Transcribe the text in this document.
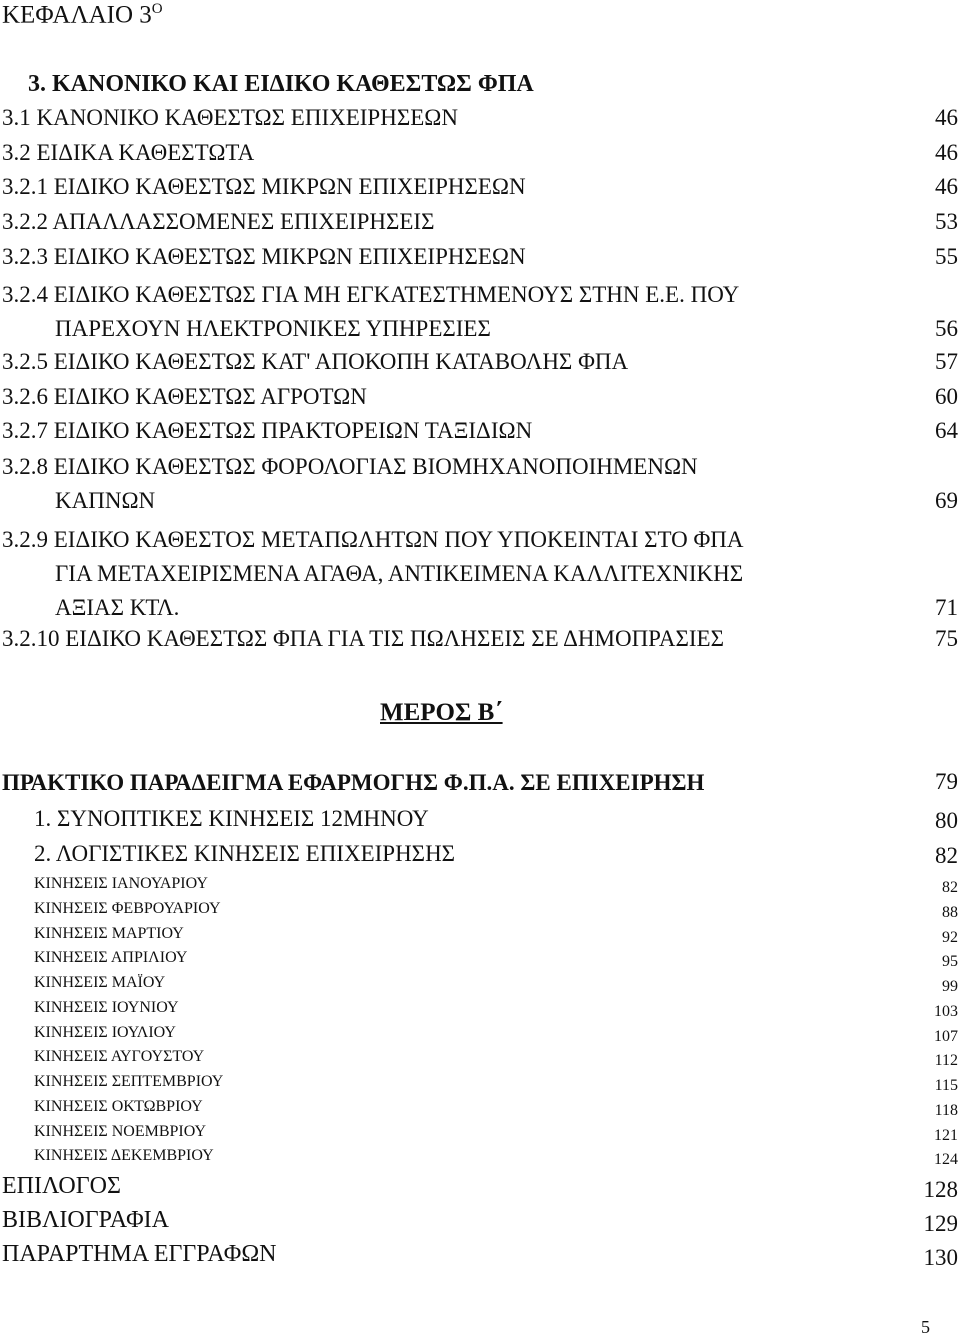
ΚΕΦΑΛΑΙΟ $3^O$
3. ΚΑΝΟΝΙΚΟ ΚΑΙ ΕΙΔΙΚΟ ΚΑΘΕΣΤΩΣ ΦΠΑ
3.1 ΚΑΝΟΝΙΚΟ ΚΑΘΕΣΤΩΣ ΕΠΙΧΕΙΡΗΣΕΩΝ	46
3.2 ΕΙΔΙΚΑ ΚΑΘΕΣΤΩΤΑ	46
3.2.1 ΕΙΔΙΚΟ ΚΑΘΕΣΤΩΣ ΜΙΚΡΩΝ ΕΠΙΧΕΙΡΗΣΕΩΝ	46
3.2.2 ΑΠΑΛΛΑΣΣΟΜΕΝΕΣ ΕΠΙΧΕΙΡΗΣΕΙΣ	53
3.2.3 ΕΙΔΙΚΟ ΚΑΘΕΣΤΩΣ ΜΙΚΡΩΝ ΕΠΙΧΕΙΡΗΣΕΩΝ	55
3.2.4 ΕΙΔΙΚΟ ΚΑΘΕΣΤΩΣ ΓΙΑ ΜΗ ΕΓΚΑΤΕΣΤΗΜΕΝΟΥΣ ΣΤΗΝ Ε.Ε. ΠΟΥ
ΠΑΡΕΧΟΥΝ ΗΛΕΚΤΡΟΝΙΚΕΣ ΥΠΗΡΕΣΙΕΣ	56
3.2.5 ΕΙΔΙΚΟ ΚΑΘΕΣΤΩΣ ΚΑΤ' ΑΠΟΚΟΠΗ ΚΑΤΑΒΟΛΗΣ ΦΠΑ	57
3.2.6 ΕΙΔΙΚΟ ΚΑΘΕΣΤΩΣ ΑΓΡΟΤΩΝ	60
3.2.7 ΕΙΔΙΚΟ ΚΑΘΕΣΤΩΣ ΠΡΑΚΤΟΡΕΙΩΝ ΤΑΞΙΔΙΩΝ	64
3.2.8 ΕΙΔΙΚΟ ΚΑΘΕΣΤΩΣ ΦΟΡΟΛΟΓΙΑΣ ΒΙΟΜΗΧΑΝΟΠΟΙΗΜΕΝΩΝ
ΚΑΠΝΩΝ	69
3.2.9 ΕΙΔΙΚΟ ΚΑΘΕΣΤΟΣ ΜΕΤΑΠΩΛΗΤΩΝ ΠΟΥ ΥΠΟΚΕΙΝΤΑΙ ΣΤΟ ΦΠΑ
ΓΙΑ ΜΕΤΑΧΕΙΡΙΣΜΕΝΑ ΑΓΑΘΑ, ΑΝΤΙΚΕΙΜΕΝΑ ΚΑΛΛΙΤΕΧΝΙΚΗΣ
ΑΞΙΑΣ ΚΤΛ.	71
3.2.10 ΕΙΔΙΚΟ ΚΑΘΕΣΤΩΣ ΦΠΑ ΓΙΑ ΤΙΣ ΠΩΛΗΣΕΙΣ ΣΕ ΔΗΜΟΠΡΑΣΙΕΣ	75
ΜΕΡΟΣ Β΄
ΠΡΑΚΤΙΚΟ ΠΑΡΑΔΕΙΓΜΑ ΕΦΑΡΜΟΓΗΣ Φ.Π.Α. ΣΕ ΕΠΙΧΕΙΡΗΣΗ	79
1. ΣΥΝΟΠΤΙΚΕΣ ΚΙΝΗΣΕΙΣ 12ΜΗΝΟΥ	80
2. ΛΟΓΙΣΤΙΚΕΣ ΚΙΝΗΣΕΙΣ ΕΠΙΧΕΙΡΗΣΗΣ	82
ΚΙΝΗΣΕΙΣ ΙΑΝΟΥΑΡΙΟΥ	82
ΚΙΝΗΣΕΙΣ ΦΕΒΡΟΥΑΡΙΟΥ	88
ΚΙΝΗΣΕΙΣ ΜΑΡΤΙΟΥ	92
ΚΙΝΗΣΕΙΣ ΑΠΡΙΛΙΟΥ	95
ΚΙΝΗΣΕΙΣ ΜΑΪΟΥ	99
ΚΙΝΗΣΕΙΣ ΙΟΥΝΙΟΥ	103
ΚΙΝΗΣΕΙΣ ΙΟΥΛΙΟΥ	107
ΚΙΝΗΣΕΙΣ ΑΥΓΟΥΣΤΟΥ	112
ΚΙΝΗΣΕΙΣ ΣΕΠΤΕΜΒΡΙΟΥ	115
ΚΙΝΗΣΕΙΣ ΟΚΤΩΒΡΙΟΥ	118
ΚΙΝΗΣΕΙΣ ΝΟΕΜΒΡΙΟΥ	121
ΚΙΝΗΣΕΙΣ ΔΕΚΕΜΒΡΙΟΥ	124
ΕΠΙΛΟΓΟΣ	128
ΒΙΒΛΙΟΓΡΑΦΙΑ	129
ΠΑΡΑΡΤΗΜΑ ΕΓΓΡΑΦΩΝ	130
5
